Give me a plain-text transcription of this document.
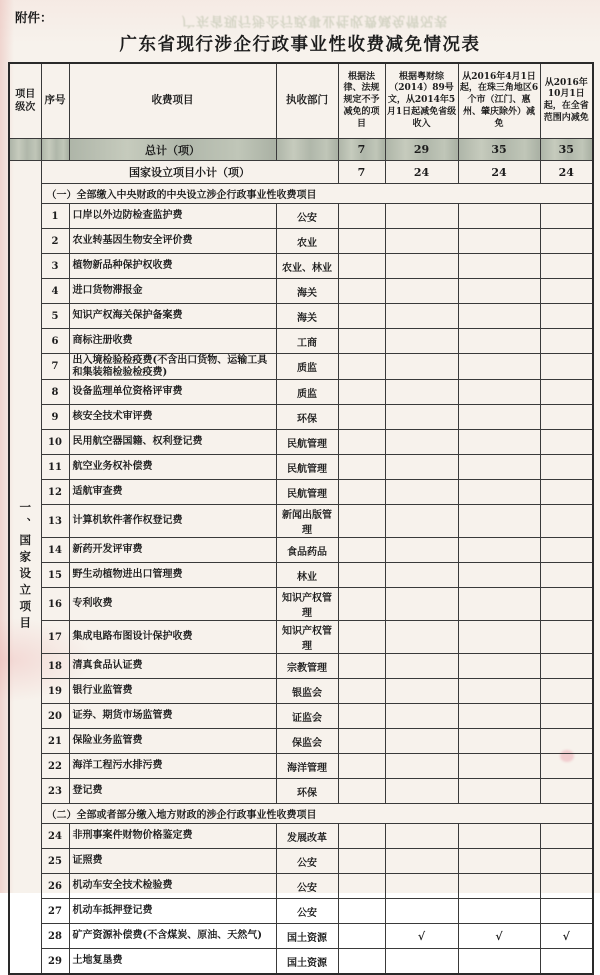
广东省现行涉企行政事业性收费减免情况表
附件：
广东省现行涉企行政事业性收费减免情况表
项目级次	序号	收费项目	执收部门	根据法律、法规规定不予减免的项目	根据粤财综（2014）89号文，从2014年5月1日起减免省级收入	从2016年4月1日起，在珠三角地区6个市（江门、惠州、肇庆除外）减免	从2016年10月1日起，在全省范围内减免
		总计（项）		7	29	35	35

一、国家设立项目	国家设立项目小计（项）			7	24	24	24
	（一）全部缴入中央财政的中央设立涉企行政事业性收费项目						
	1	口岸以外边防检查监护费	公安				
	2	农业转基因生物安全评价费	农业				
	3	植物新品种保护权收费	农业、林业				
	4	进口货物滞报金	海关				
	5	知识产权海关保护备案费	海关				
	6	商标注册收费	工商				
	7	出入境检验检疫费(不含出口货物、运输工具和集装箱检验检疫费)	质监				
	8	设备监理单位资格评审费	质监				
	9	核安全技术审评费	环保				
	10	民用航空器国籍、权利登记费	民航管理				
	11	航空业务权补偿费	民航管理				
	12	适航审查费	民航管理				
	13	计算机软件著作权登记费	新闻出版管理				
	14	新药开发评审费	食品药品				
	15	野生动植物进出口管理费	林业				
	16	专利收费	知识产权管理				
	17	集成电路布图设计保护收费	知识产权管理				
	18	清真食品认证费	宗教管理				
	19	银行业监管费	银监会				
	20	证券、期货市场监管费	证监会				
	21	保险业务监管费	保监会				
	22	海洋工程污水排污费	海洋管理				
	23	登记费	环保				
	（二）全部或者部分缴入地方财政的涉企行政事业性收费项目						
	24	非刑事案件财物价格鉴定费	发展改革				
	25	证照费	公安				
	26	机动车安全技术检验费	公安				
	27	机动车抵押登记费	公安				
	28	矿产资源补偿费(不含煤炭、原油、天然气)	国土资源		√	√	√
	29	土地复垦费	国土资源				
